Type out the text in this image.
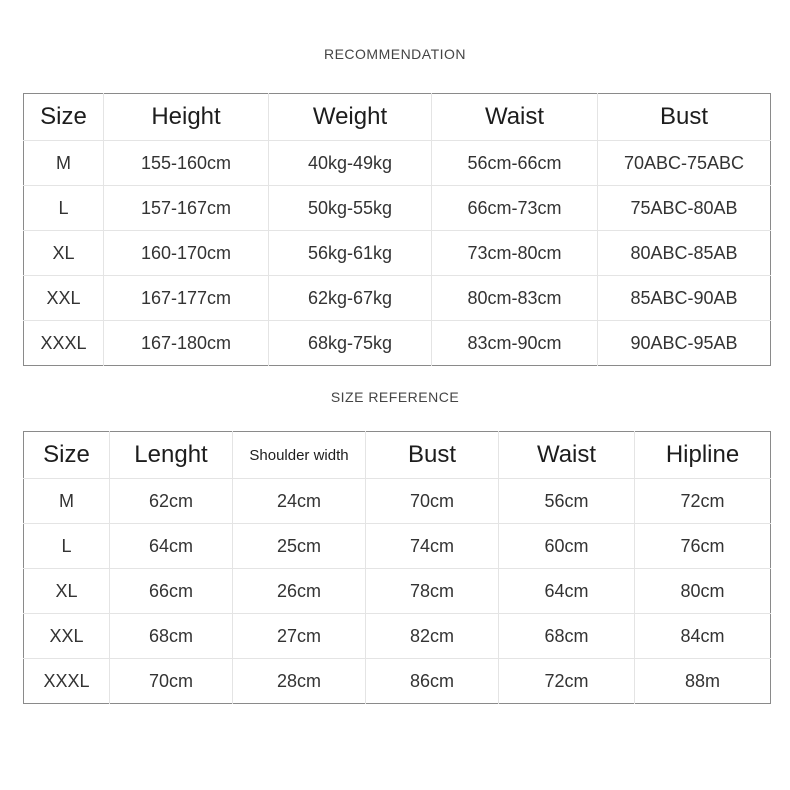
RECOMMENDATION
Size	Height	Weight	Waist	Bust
M	155-160cm	40kg-49kg	56cm-66cm	70ABC-75ABC
L	157-167cm	50kg-55kg	66cm-73cm	75ABC-80AB
XL	160-170cm	56kg-61kg	73cm-80cm	80ABC-85AB
XXL	167-177cm	62kg-67kg	80cm-83cm	85ABC-90AB
XXXL	167-180cm	68kg-75kg	83cm-90cm	90ABC-95AB
SIZE REFERENCE
Size	Lenght	Shoulder width	Bust	Waist	Hipline
M	62cm	24cm	70cm	56cm	72cm
L	64cm	25cm	74cm	60cm	76cm
XL	66cm	26cm	78cm	64cm	80cm
XXL	68cm	27cm	82cm	68cm	84cm
XXXL	70cm	28cm	86cm	72cm	88m
